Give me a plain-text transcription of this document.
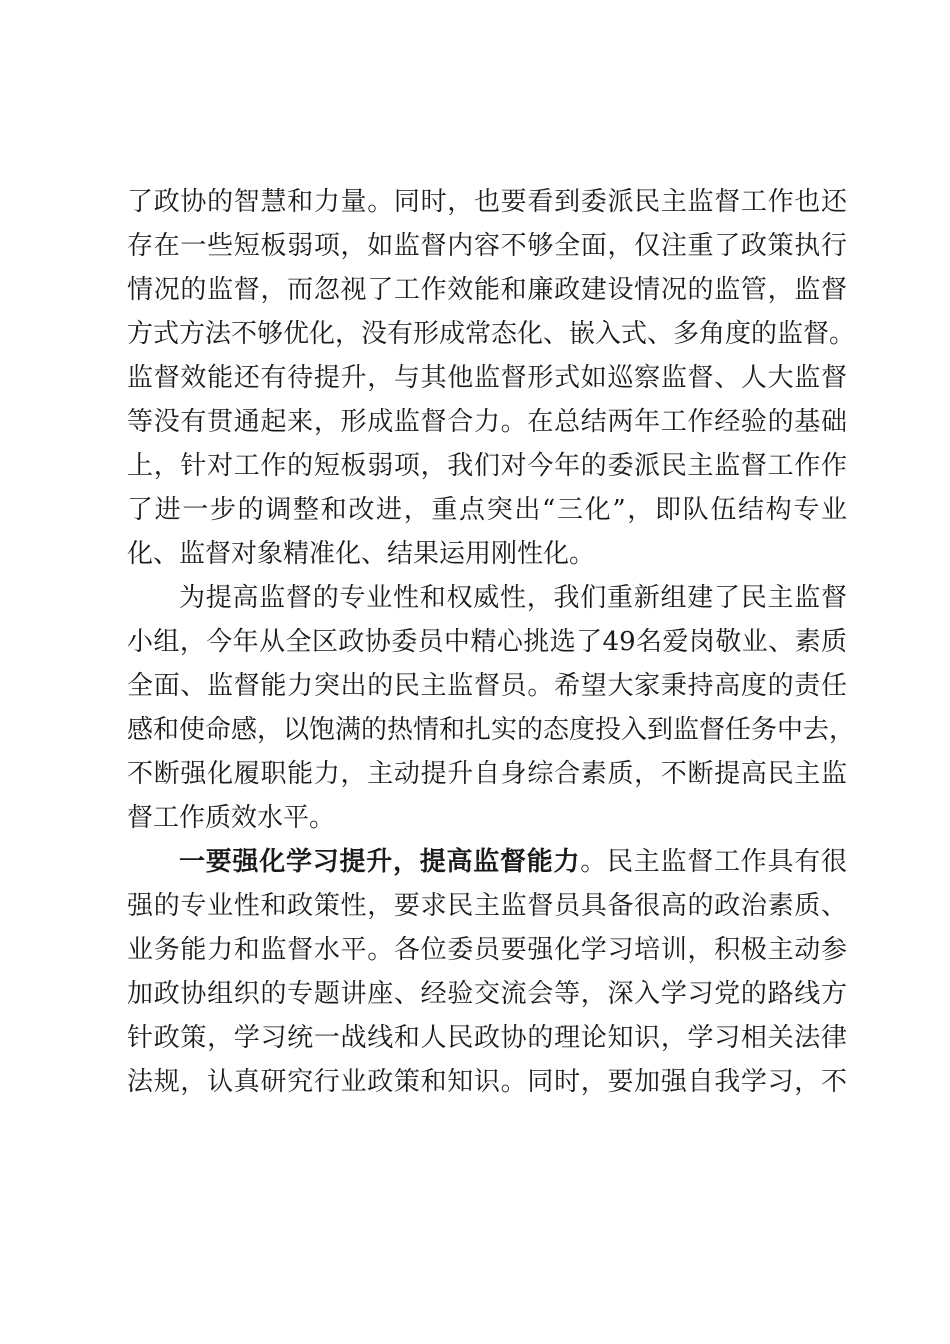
了政协的智慧和力量。同时，也要看到委派民主监督工作也还
存在一些短板弱项，如监督内容不够全面，仅注重了政策执行
情况的监督，而忽视了工作效能和廉政建设情况的监管，监督
方式方法不够优化，没有形成常态化、嵌入式、多角度的监督。
监督效能还有待提升，与其他监督形式如巡察监督、人大监督
等没有贯通起来，形成监督合力。在总结两年工作经验的基础
上，针对工作的短板弱项，我们对今年的委派民主监督工作作
了进一步的调整和改进，重点突出“三化”，即队伍结构专业
化、监督对象精准化、结果运用刚性化。
为提高监督的专业性和权威性，我们重新组建了民主监督
小组，今年从全区政协委员中精心挑选了49名爱岗敬业、素质
全面、监督能力突出的民主监督员。希望大家秉持高度的责任
感和使命感，以饱满的热情和扎实的态度投入到监督任务中去，
不断强化履职能力，主动提升自身综合素质，不断提高民主监
督工作质效水平。
一要强化学习提升，提高监督能力。民主监督工作具有很
强的专业性和政策性，要求民主监督员具备很高的政治素质、
业务能力和监督水平。各位委员要强化学习培训，积极主动参
加政协组织的专题讲座、经验交流会等，深入学习党的路线方
针政策，学习统一战线和人民政协的理论知识，学习相关法律
法规，认真研究行业政策和知识。同时，要加强自我学习，不
